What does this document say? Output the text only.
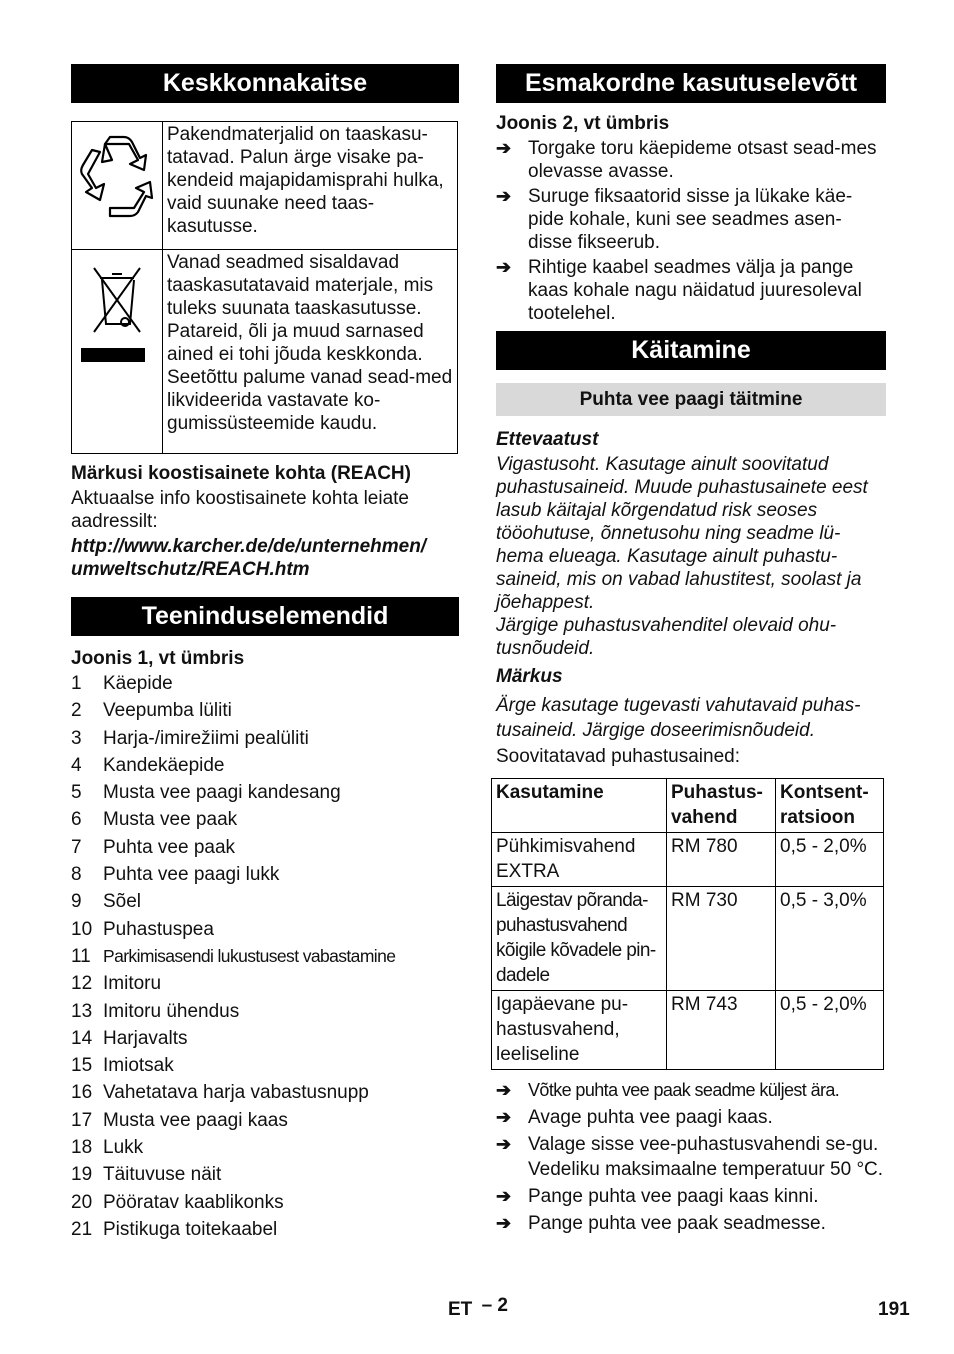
Keskkonnakaitse
	Pakendmaterjalid on taaskasu-tatavad. Palun ärge visake pa-kendeid majapidamisprahi hulka, vaid suunake need taas-kasutusse.
	Vanad seadmed sisaldavad taaskasutatavaid materjale, mis tuleks suunata taaskasutusse. Patareid, õli ja muud sarnased ained ei tohi jõuda keskkonda. Seetõttu palume vanad sead-med likvideerida vastavate ko-gumissüsteemide kaudu.
Märkusi koostisainete kohta (REACH)
Aktuaalse info koostisainete kohta leiate aadressilt:
http://www.karcher.de/de/unternehmen/
umweltschutz/REACH.htm
Teeninduselemendid
Joonis 1, vt ümbris
1	Käepide
2	Veepumba lüliti
3	Harja-/imirežiimi pealüliti
4	Kandekäepide
5	Musta vee paagi kandesang
6	Musta vee paak
7	Puhta vee paak
8	Puhta vee paagi lukk
9	Sõel
10 Puhastuspea
11 Parkimisasendi lukustusest vabastamine
12 Imitoru
13 Imitoru ühendus
14 Harjavalts
15 Imiotsak
16 Vahetatava harja vabastusnupp
17 Musta vee paagi kaas
18 Lukk
19 Täituvuse näit
20 Pööratav kaablikonks
21 Pistikuga toitekaabel
Esmakordne kasutuselevõtt
Joonis 2, vt ümbris
➔ Torgake toru käepideme otsast sead-mes olevasse avasse.
➔ Suruge fiksaatorid sisse ja lükake käe-pide kohale, kuni see seadmes asen-disse fikseerub.
➔ Rihtige kaabel seadmes välja ja pange kaas kohale nagu näidatud juuresoleval tootelehel.
Käitamine
Puhta vee paagi täitmine
Ettevaatust
Vigastusoht. Kasutage ainult soovitatud puhastusaineid. Muude puhastusainete eest lasub käitajal kõrgendatud risk seoses tööohutuse, õnnetusohu ning seadme lü-hema elueaga. Kasutage ainult puhastu-saineid, mis on vabad lahustitest, soolast ja jõehappest.
Järgige puhastusvahenditel olevaid ohu-tusnõudeid.
Märkus
Ärge kasutage tugevasti vahutavaid puhas-tusaineid. Järgige doseerimisnõudeid.
Soovitatavad puhastusained:
Kasutamine	Puhastus-vahend	Kontsent-ratsioon
Pühkimisvahend EXTRA	RM 780	0,5 - 2,0%
Läigestav põranda-puhastusvahend kõigile kõvadele pin-dadele	RM 730	0,5 - 3,0%
Igapäevane pu-hastusvahend, leeliseline	RM 743	0,5 - 2,0%
➔ Võtke puhta vee paak seadme küljest ära.
➔ Avage puhta vee paagi kaas.
➔ Valage sisse vee-puhastusvahendi se-gu. Vedeliku maksimaalne temperatuur 50 °C.
➔ Pange puhta vee paagi kaas kinni.
➔ Pange puhta vee paak seadmesse.
ET – 2	191
